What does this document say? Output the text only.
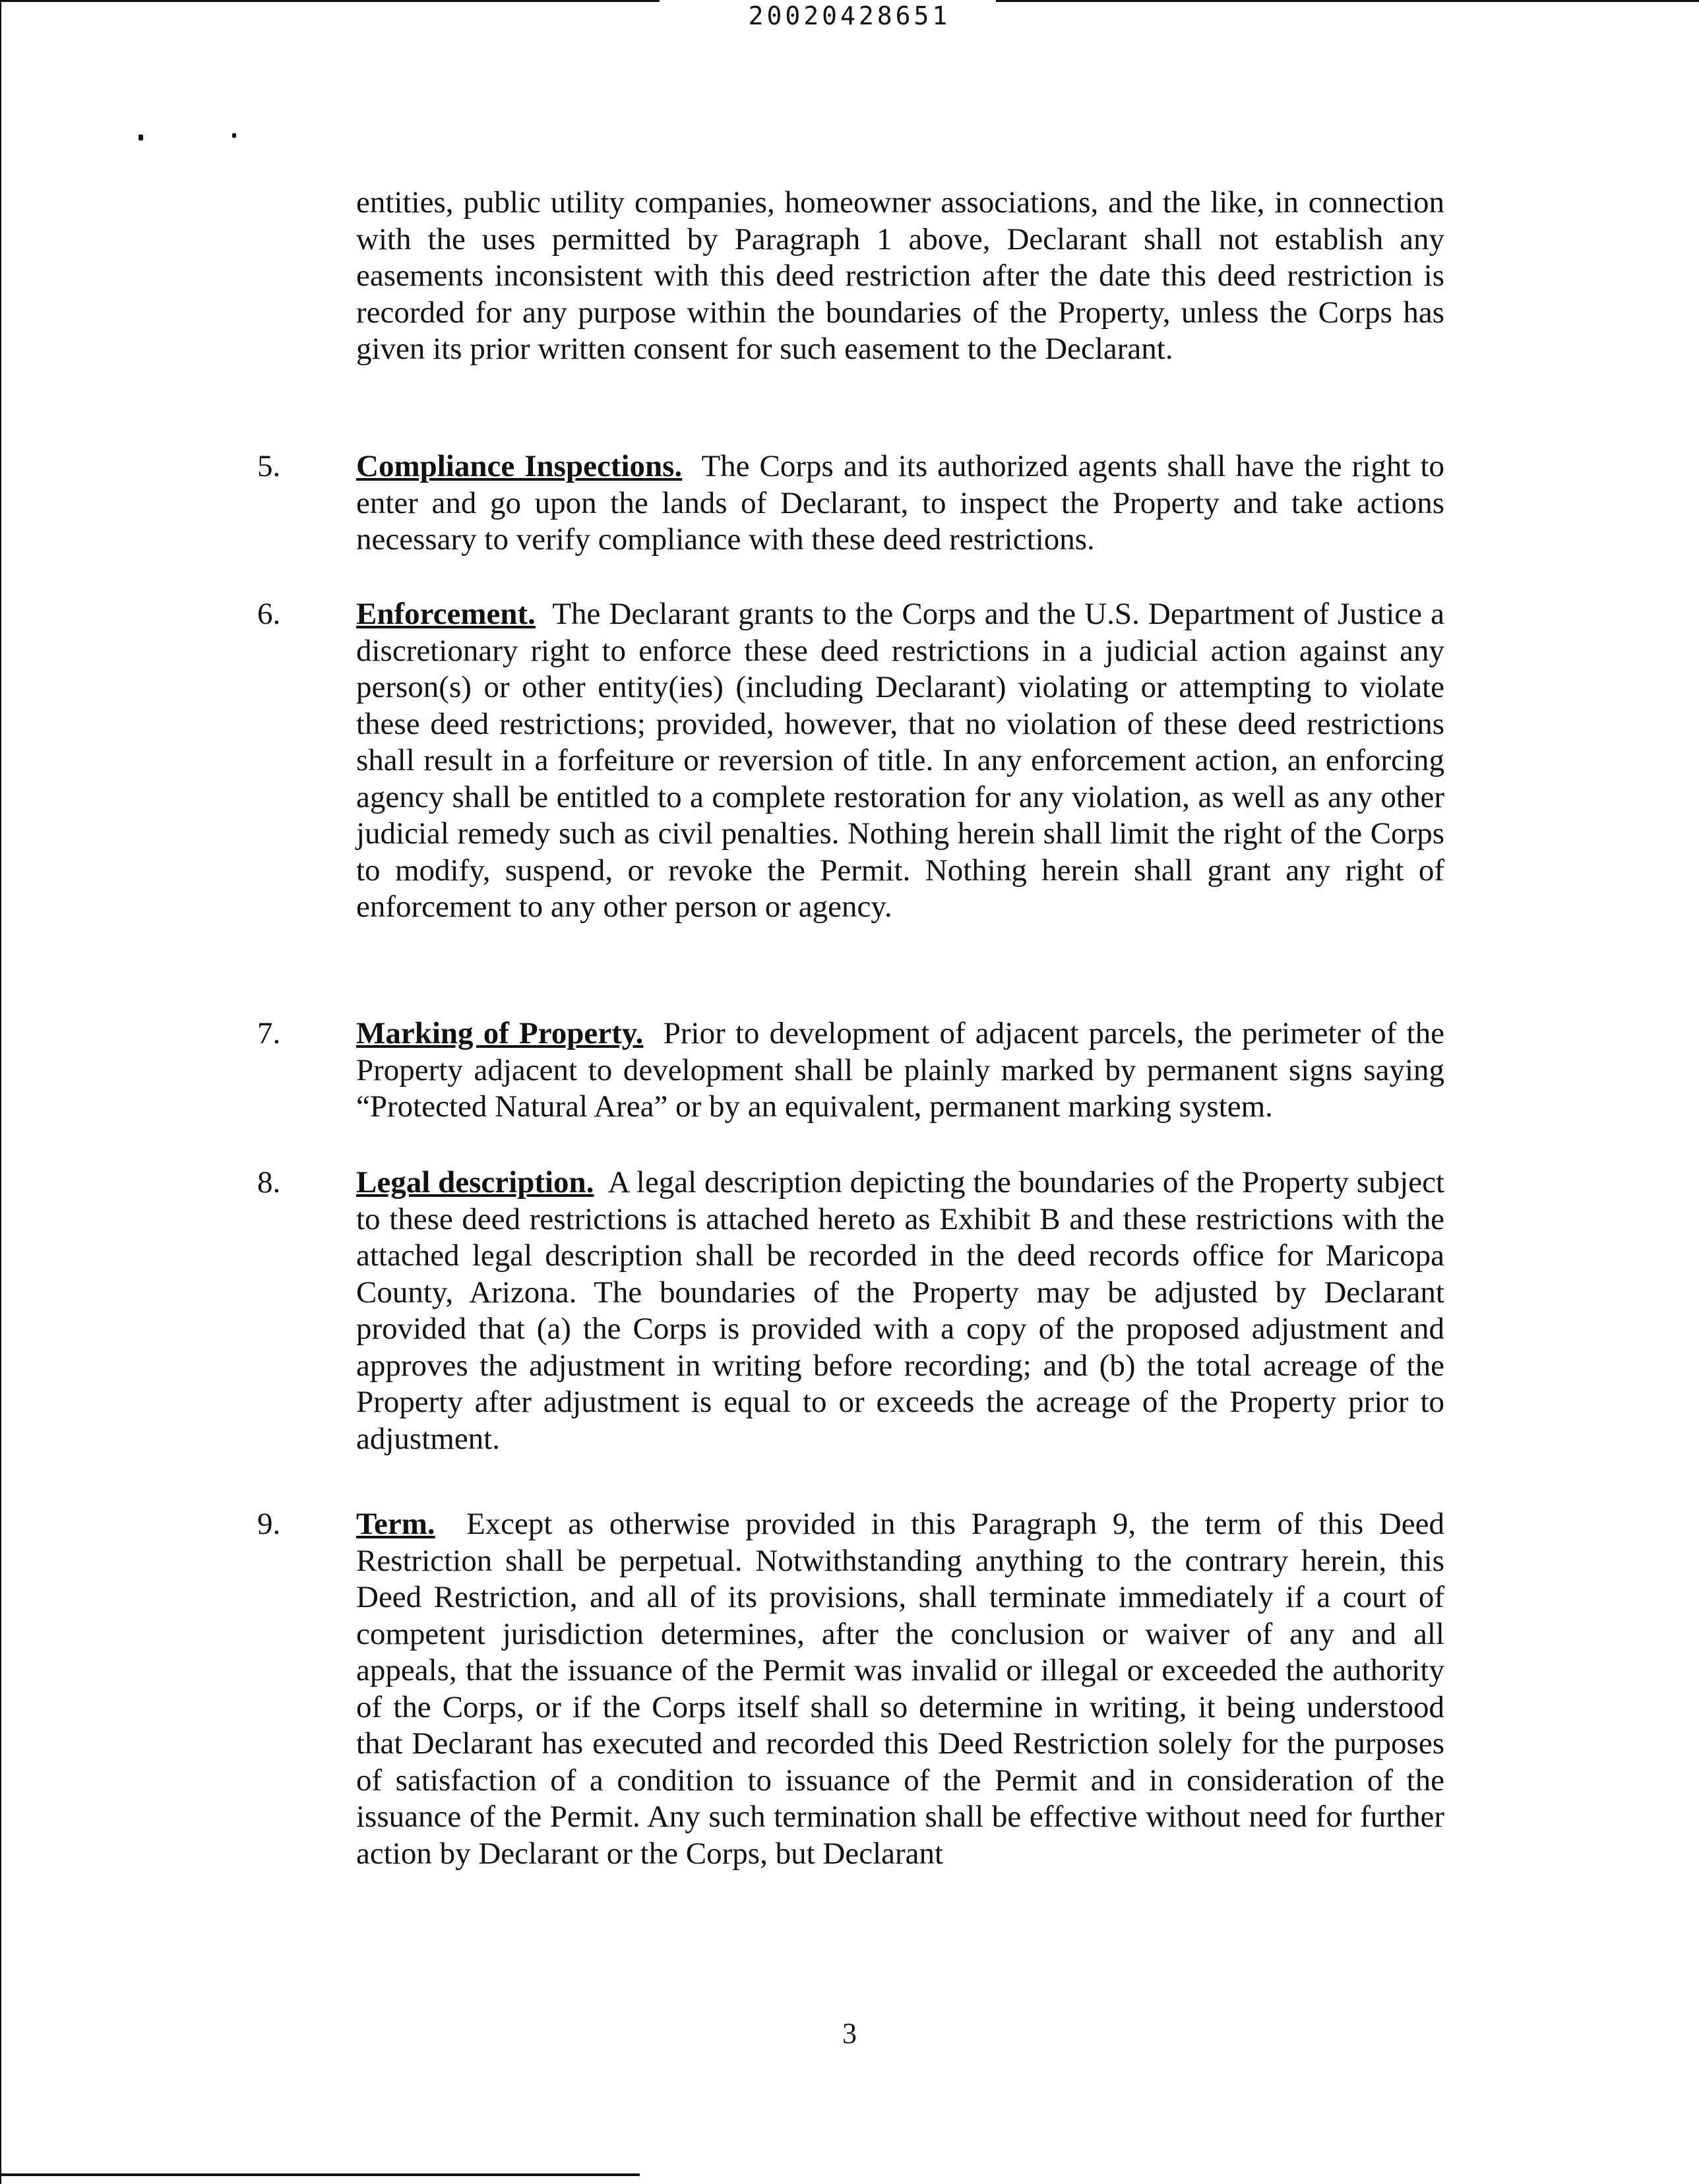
20020428651
entities, public utility companies, homeowner associations, and the like, in connection with the uses permitted by Paragraph 1 above, Declarant shall not establish any easements inconsistent with this deed restriction after the date this deed restriction is recorded for any purpose within the boundaries of the Property, unless the Corps has given its prior written consent for such easement to the Declarant.
5. Compliance Inspections. The Corps and its authorized agents shall have the right to enter and go upon the lands of Declarant, to inspect the Property and take actions necessary to verify compliance with these deed restrictions.
6. Enforcement. The Declarant grants to the Corps and the U.S. Department of Justice a discretionary right to enforce these deed restrictions in a judicial action against any person(s) or other entity(ies) (including Declarant) violating or attempting to violate these deed restrictions; provided, however, that no violation of these deed restrictions shall result in a forfeiture or reversion of title. In any enforcement action, an enforcing agency shall be entitled to a complete restoration for any violation, as well as any other judicial remedy such as civil penalties. Nothing herein shall limit the right of the Corps to modify, suspend, or revoke the Permit. Nothing herein shall grant any right of enforcement to any other person or agency.
7. Marking of Property. Prior to development of adjacent parcels, the perimeter of the Property adjacent to development shall be plainly marked by permanent signs saying “Protected Natural Area” or by an equivalent, permanent marking system.
8. Legal description. A legal description depicting the boundaries of the Property subject to these deed restrictions is attached hereto as Exhibit B and these restrictions with the attached legal description shall be recorded in the deed records office for Maricopa County, Arizona. The boundaries of the Property may be adjusted by Declarant provided that (a) the Corps is provided with a copy of the proposed adjustment and approves the adjustment in writing before recording; and (b) the total acreage of the Property after adjustment is equal to or exceeds the acreage of the Property prior to adjustment.
9. Term. Except as otherwise provided in this Paragraph 9, the term of this Deed Restriction shall be perpetual. Notwithstanding anything to the contrary herein, this Deed Restriction, and all of its provisions, shall terminate immediately if a court of competent jurisdiction determines, after the conclusion or waiver of any and all appeals, that the issuance of the Permit was invalid or illegal or exceeded the authority of the Corps, or if the Corps itself shall so determine in writing, it being understood that Declarant has executed and recorded this Deed Restriction solely for the purposes of satisfaction of a condition to issuance of the Permit and in consideration of the issuance of the Permit. Any such termination shall be effective without need for further action by Declarant or the Corps, but Declarant
3
